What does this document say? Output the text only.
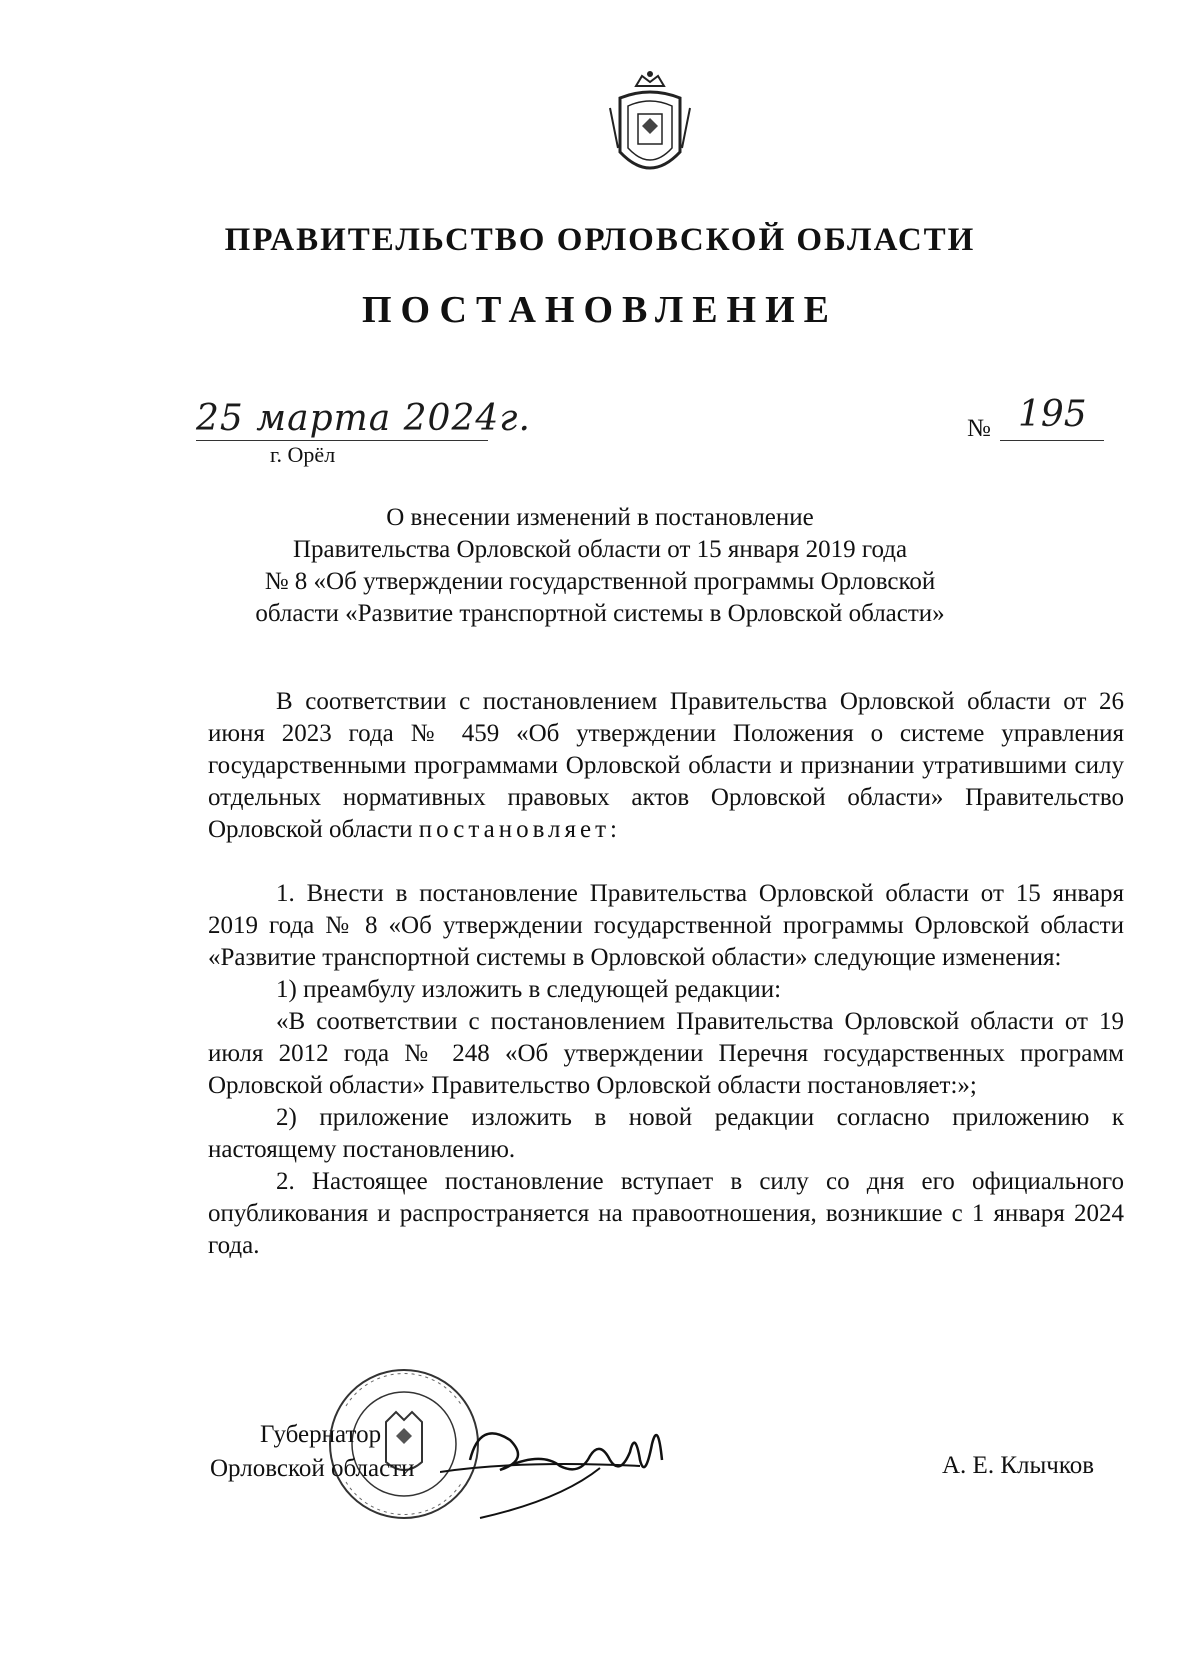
ПРАВИТЕЛЬСТВО ОРЛОВСКОЙ ОБЛАСТИ
ПОСТАНОВЛЕНИЕ
25 марта 2024г.
г. Орёл
№ 195
О внесении изменений в постановление
Правительства Орловской области от 15 января 2019 года
№ 8 «Об утверждении государственной программы Орловской
области «Развитие транспортной системы в Орловской области»

В соответствии с постановлением Правительства Орловской области от 26 июня 2023 года № 459 «Об утверждении Положения о системе управления государственными программами Орловской области и признании утратившими силу отдельных нормативных правовых актов Орловской области» Правительство Орловской области постановляет:

1. Внести в постановление Правительства Орловской области от 15 января 2019 года № 8 «Об утверждении государственной программы Орловской области «Развитие транспортной системы в Орловской области» следующие изменения:

1) преамбулу изложить в следующей редакции:

«В соответствии с постановлением Правительства Орловской области от 19 июля 2012 года № 248 «Об утверждении Перечня государственных программ Орловской области» Правительство Орловской области постановляет:»;

2) приложение изложить в новой редакции согласно приложению к настоящему постановлению.

2. Настоящее постановление вступает в силу со дня его официального опубликования и распространяется на правоотношения, возникшие с 1 января 2024 года.

Губернатор
Орловской области	А. Е. Клычков
